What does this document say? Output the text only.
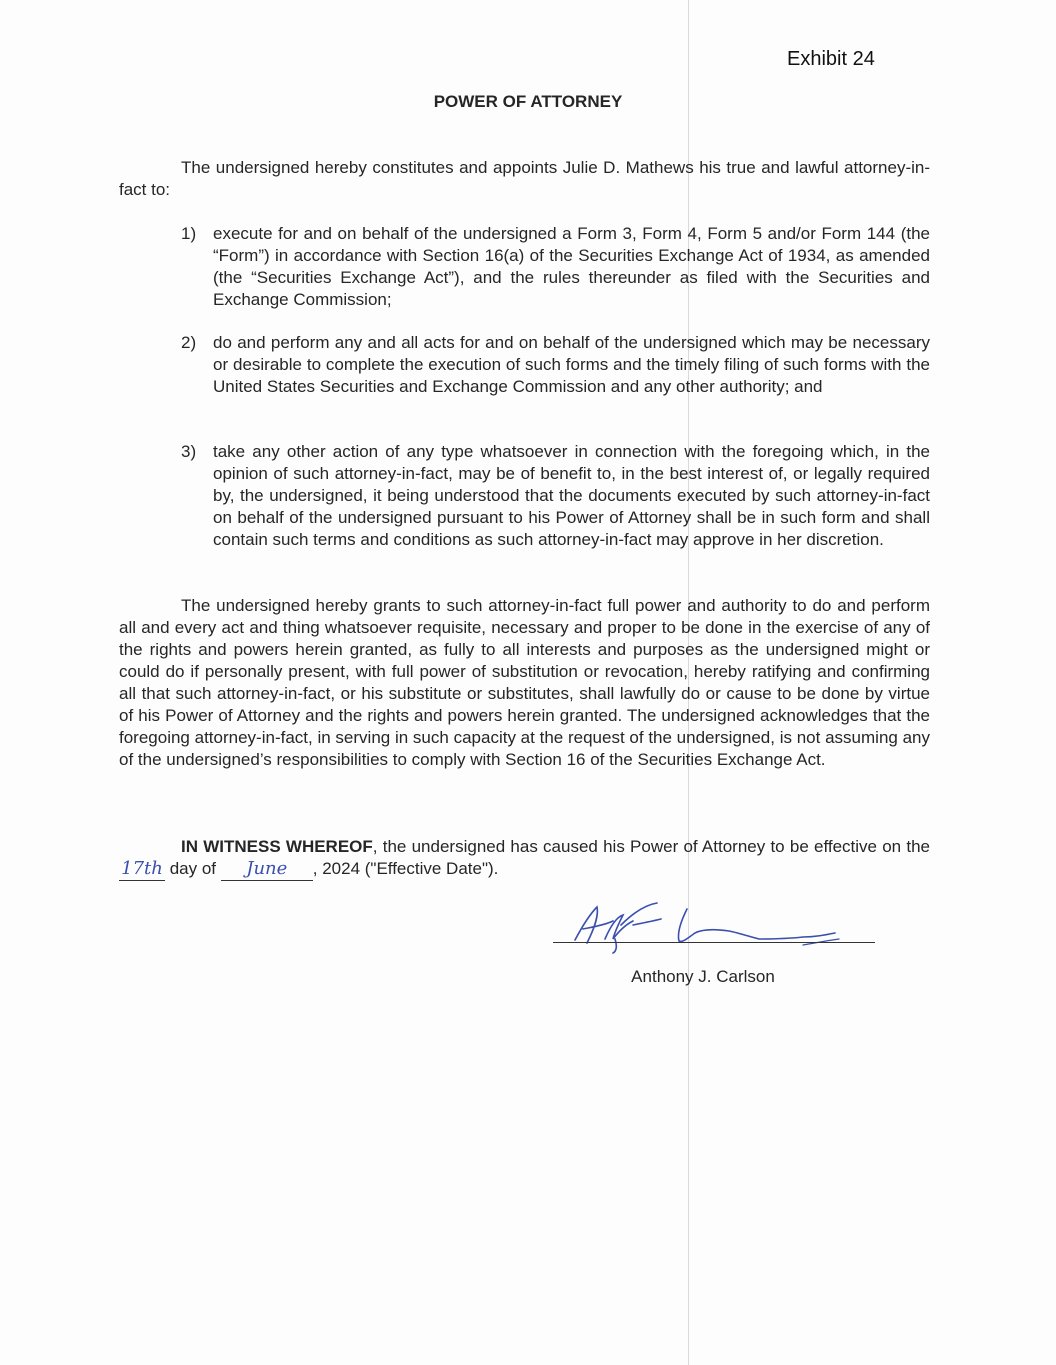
Exhibit 24
POWER OF ATTORNEY
The undersigned hereby constitutes and appoints Julie D. Mathews his true and lawful attorney-in-fact to:
1) execute for and on behalf of the undersigned a Form 3, Form 4, Form 5 and/or Form 144 (the “Form”) in accordance with Section 16(a) of the Securities Exchange Act of 1934, as amended (the “Securities Exchange Act”), and the rules thereunder as filed with the Securities and Exchange Commission;
2) do and perform any and all acts for and on behalf of the undersigned which may be necessary or desirable to complete the execution of such forms and the timely filing of such forms with the United States Securities and Exchange Commission and any other authority; and
3) take any other action of any type whatsoever in connection with the foregoing which, in the opinion of such attorney-in-fact, may be of benefit to, in the best interest of, or legally required by, the undersigned, it being understood that the documents executed by such attorney-in-fact on behalf of the undersigned pursuant to his Power of Attorney shall be in such form and shall contain such terms and conditions as such attorney-in-fact may approve in her discretion.
The undersigned hereby grants to such attorney-in-fact full power and authority to do and perform all and every act and thing whatsoever requisite, necessary and proper to be done in the exercise of any of the rights and powers herein granted, as fully to all interests and purposes as the undersigned might or could do if personally present, with full power of substitution or revocation, hereby ratifying and confirming all that such attorney-in-fact, or his substitute or substitutes, shall lawfully do or cause to be done by virtue of his Power of Attorney and the rights and powers herein granted. The undersigned acknowledges that the foregoing attorney-in-fact, in serving in such capacity at the request of the undersigned, is not assuming any of the undersigned’s responsibilities to comply with Section 16 of the Securities Exchange Act.
IN WITNESS WHEREOF, the undersigned has caused his Power of Attorney to be effective on the 17th day of June , 2024 ("Effective Date").
Anthony J. Carlson
